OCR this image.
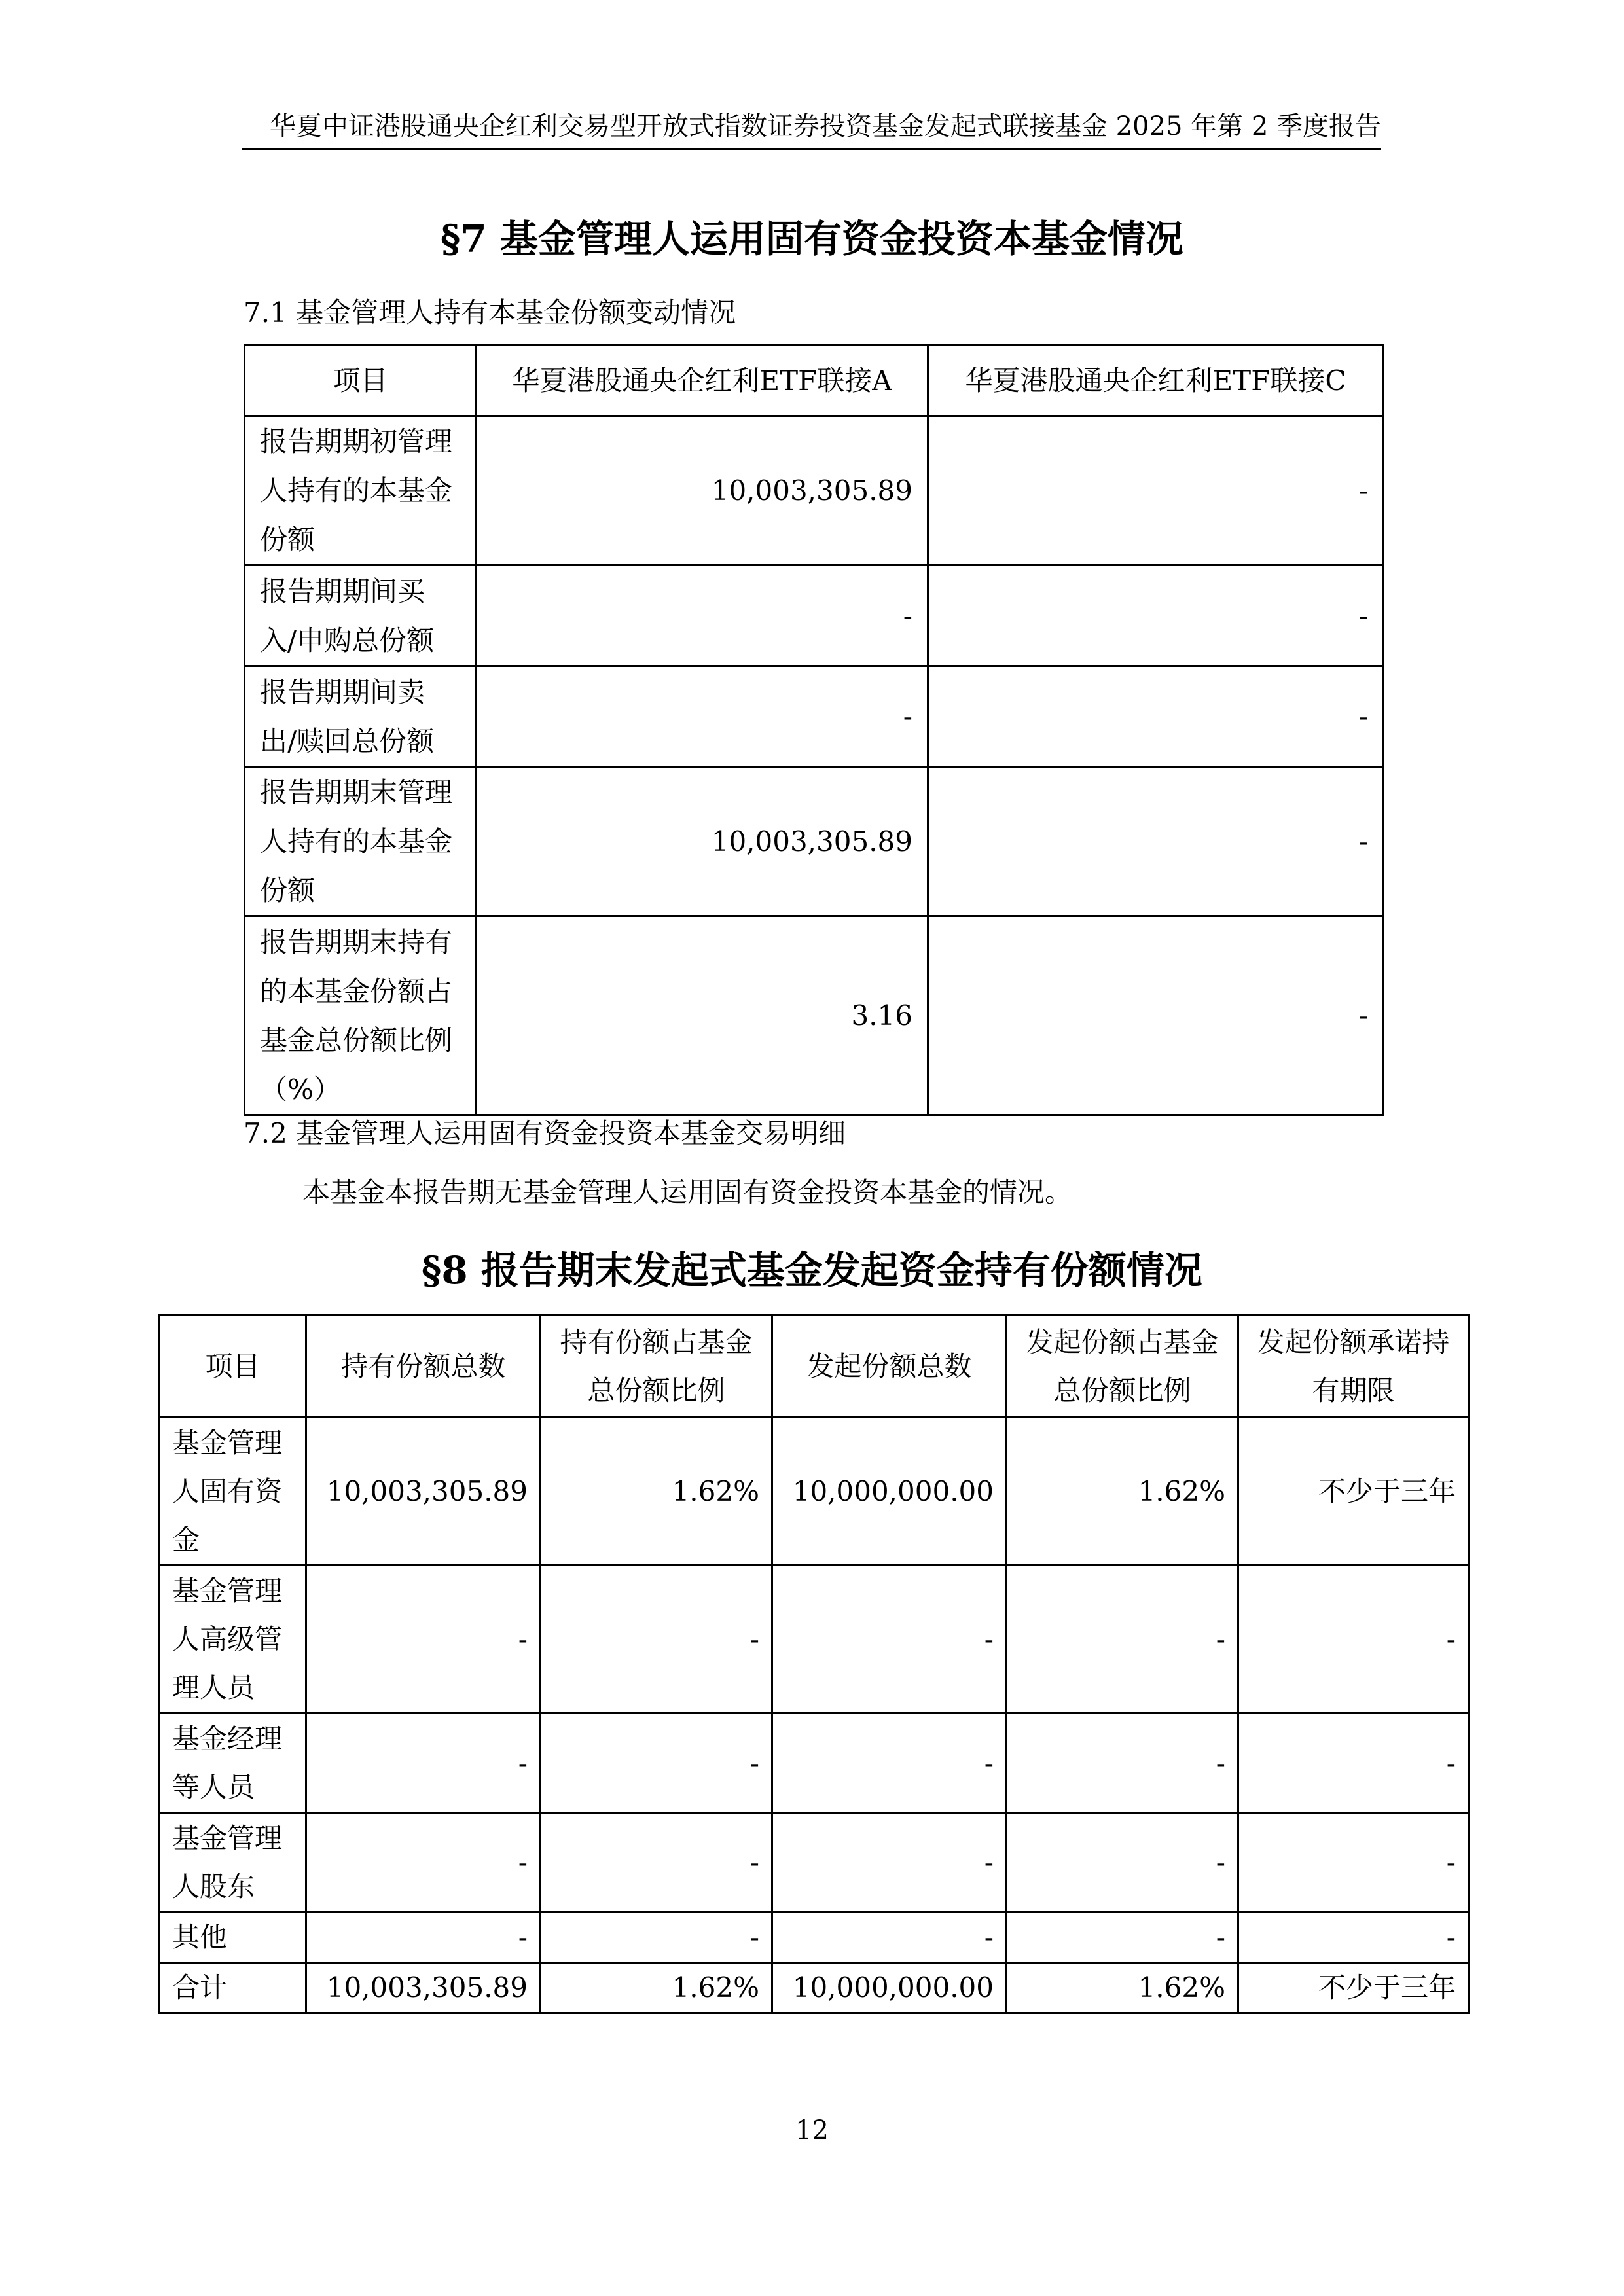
华夏中证港股通央企红利交易型开放式指数证券投资基金发起式联接基金 2025 年第 2 季度报告
§7 基金管理人运用固有资金投资本基金情况
7.1 基金管理人持有本基金份额变动情况
项目	华夏港股通央企红利ETF联接A	华夏港股通央企红利ETF联接C
报告期期初管理人持有的本基金份额	10,003,305.89	-
报告期期间买入/申购总份额	-	-
报告期期间卖出/赎回总份额	-	-
报告期期末管理人持有的本基金份额	10,003,305.89	-
报告期期末持有的本基金份额占基金总份额比例（%）	3.16	-
7.2 基金管理人运用固有资金投资本基金交易明细
本基金本报告期无基金管理人运用固有资金投资本基金的情况。
§8 报告期末发起式基金发起资金持有份额情况
项目	持有份额总数	持有份额占基金总份额比例	发起份额总数	发起份额占基金总份额比例	发起份额承诺持有期限
基金管理人固有资金	10,003,305.89	1.62%	10,000,000.00	1.62%	不少于三年
基金管理人高级管理人员	-	-	-	-	-
基金经理等人员	-	-	-	-	-
基金管理人股东	-	-	-	-	-
其他	-	-	-	-	-
合计	10,003,305.89	1.62%	10,000,000.00	1.62%	不少于三年
12
